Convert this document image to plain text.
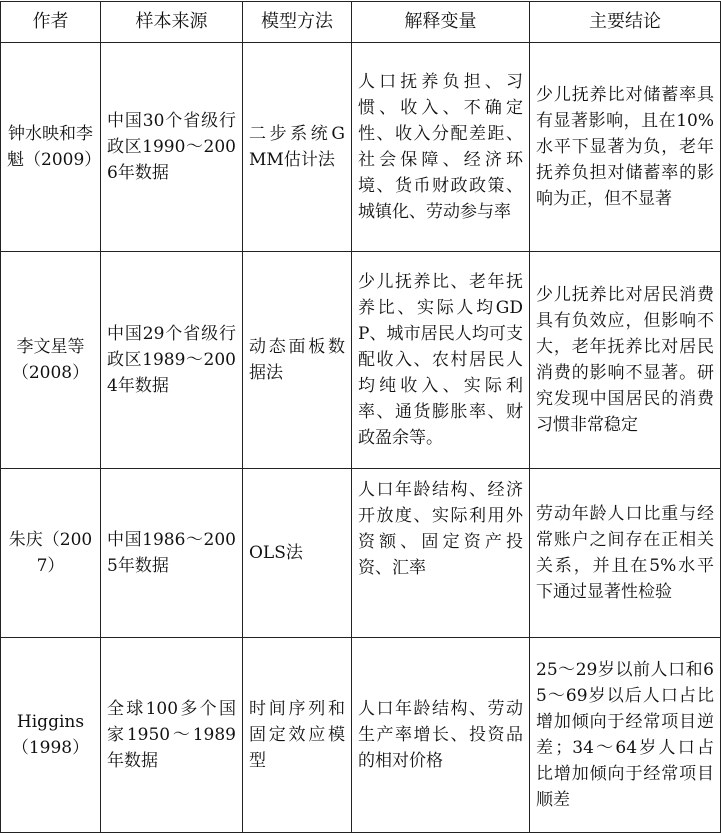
作者	样本来源	模型方法	解释变量	主要结论
钟水映和李魁（2009）	中国30个省级行政区1990～2006年数据	二步系统GMM估计法	人口抚养负担、习惯、收入、不确定性、收入分配差距、社会保障、经济环境、货币财政政策、城镇化、劳动参与率	少儿抚养比对储蓄率具有显著影响，且在10%水平下显著为负，老年抚养负担对储蓄率的影响为正，但不显著
李文星等（2008）	中国29个省级行政区1989～2004年数据	动态面板数据法	少儿抚养比、老年抚养比、实际人均GDP、城市居民人均可支配收入、农村居民人均纯收入、实际利率、通货膨胀率、财政盈余等。	少儿抚养比对居民消费具有负效应，但影响不大，老年抚养比对居民消费的影响不显著。研究发现中国居民的消费习惯非常稳定
朱庆（2007）	中国1986～2005年数据	OLS法	人口年龄结构、经济开放度、实际利用外资额、固定资产投资、汇率	劳动年龄人口比重与经常账户之间存在正相关关系，并且在5%水平下通过显著性检验
Higgins（1998）	全球100多个国家1950～1989年数据	时间序列和固定效应模型	人口年龄结构、劳动生产率增长、投资品的相对价格	25～29岁以前人口和65～69岁以后人口占比增加倾向于经常项目逆差；34～64岁人口占比增加倾向于经常项目顺差
